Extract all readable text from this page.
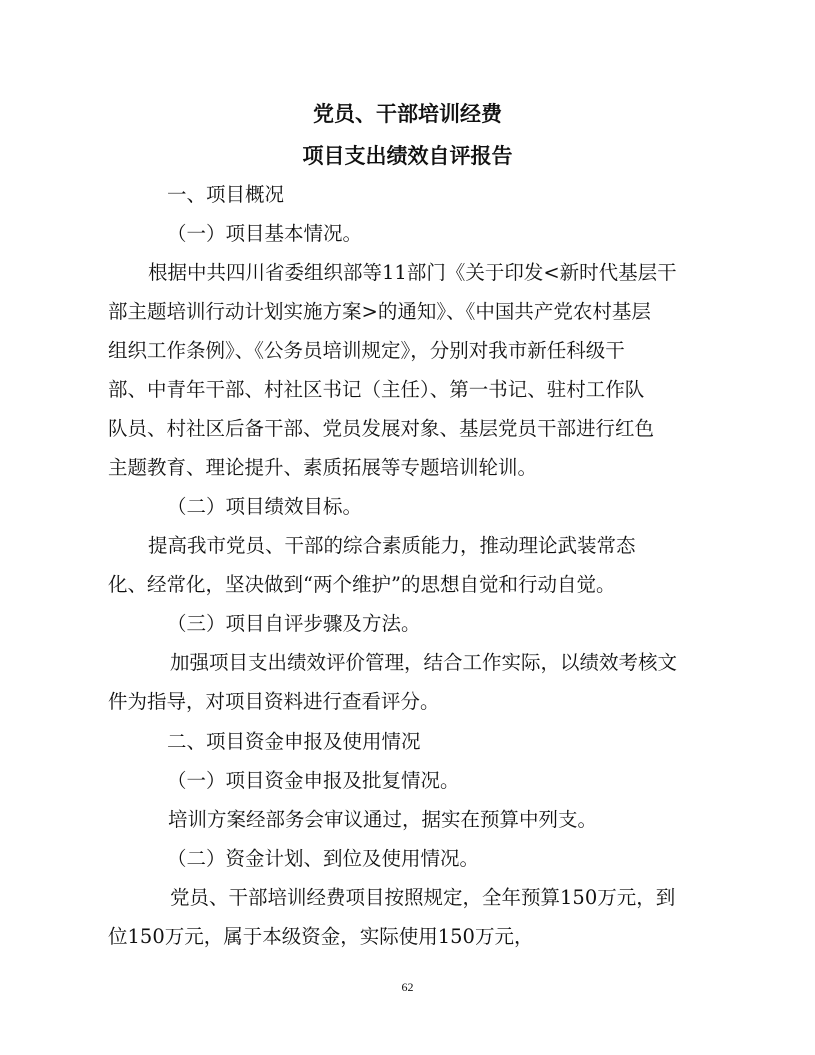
党员、干部培训经费
项目支出绩效自评报告
一、项目概况
（一）项目基本情况。
根据中共四川省委组织部等11部门《关于印发<新时代基层干
部主题培训行动计划实施方案>的通知》、《中国共产党农村基层
组织工作条例》、《公务员培训规定》，分别对我市新任科级干
部、中青年干部、村社区书记（主任）、第一书记、驻村工作队
队员、村社区后备干部、党员发展对象、基层党员干部进行红色
主题教育、理论提升、素质拓展等专题培训轮训。
（二）项目绩效目标。
提高我市党员、干部的综合素质能力，推动理论武装常态
化、经常化，坚决做到“两个维护”的思想自觉和行动自觉。
（三）项目自评步骤及方法。
加强项目支出绩效评价管理，结合工作实际，以绩效考核文
件为指导，对项目资料进行查看评分。
二、项目资金申报及使用情况
（一）项目资金申报及批复情况。
培训方案经部务会审议通过，据实在预算中列支。
（二）资金计划、到位及使用情况。
党员、干部培训经费项目按照规定，全年预算150万元，到
位150万元，属于本级资金，实际使用150万元，
62
